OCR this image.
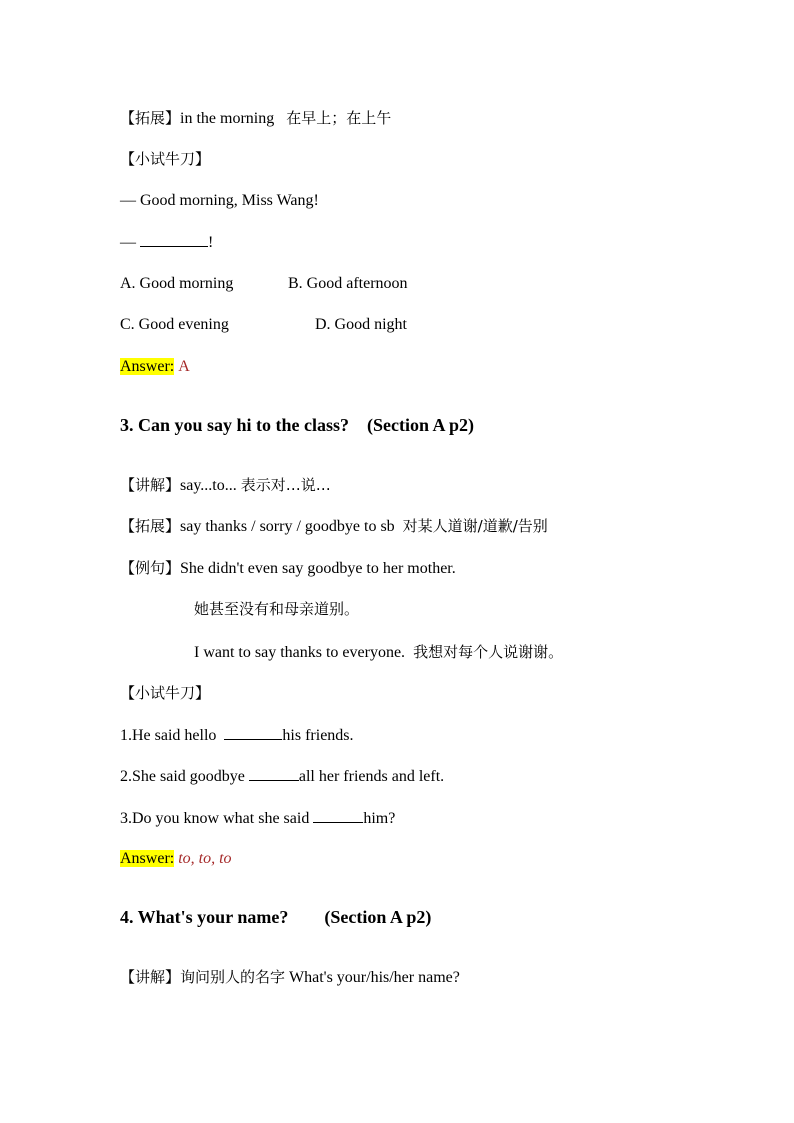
【拓展】in the morning 在早上；在上午
【小试牛刀】
— Good morning, Miss Wang!
—	!
A. Good morning	B. Good afternoon
C. Good evening	D. Good night
Answer: A
3. Can you say hi to the class? (Section A p2)
【讲解】say...to... 表示对…说…
【拓展】say thanks / sorry / goodbye to sb 对某人道谢/道歉/告别
【例句】She didn't even say goodbye to her mother.
她甚至没有和母亲道别。
I want to say thanks to everyone. 我想对每个人说谢谢。
【小试牛刀】
1.He said hello	his friends.
2.She said goodbye	all her friends and left.
3.Do you know what she said	him?
Answer: to, to, to
4. What's your name? (Section A p2)
【讲解】询问别人的名字 What's your/his/her name?
